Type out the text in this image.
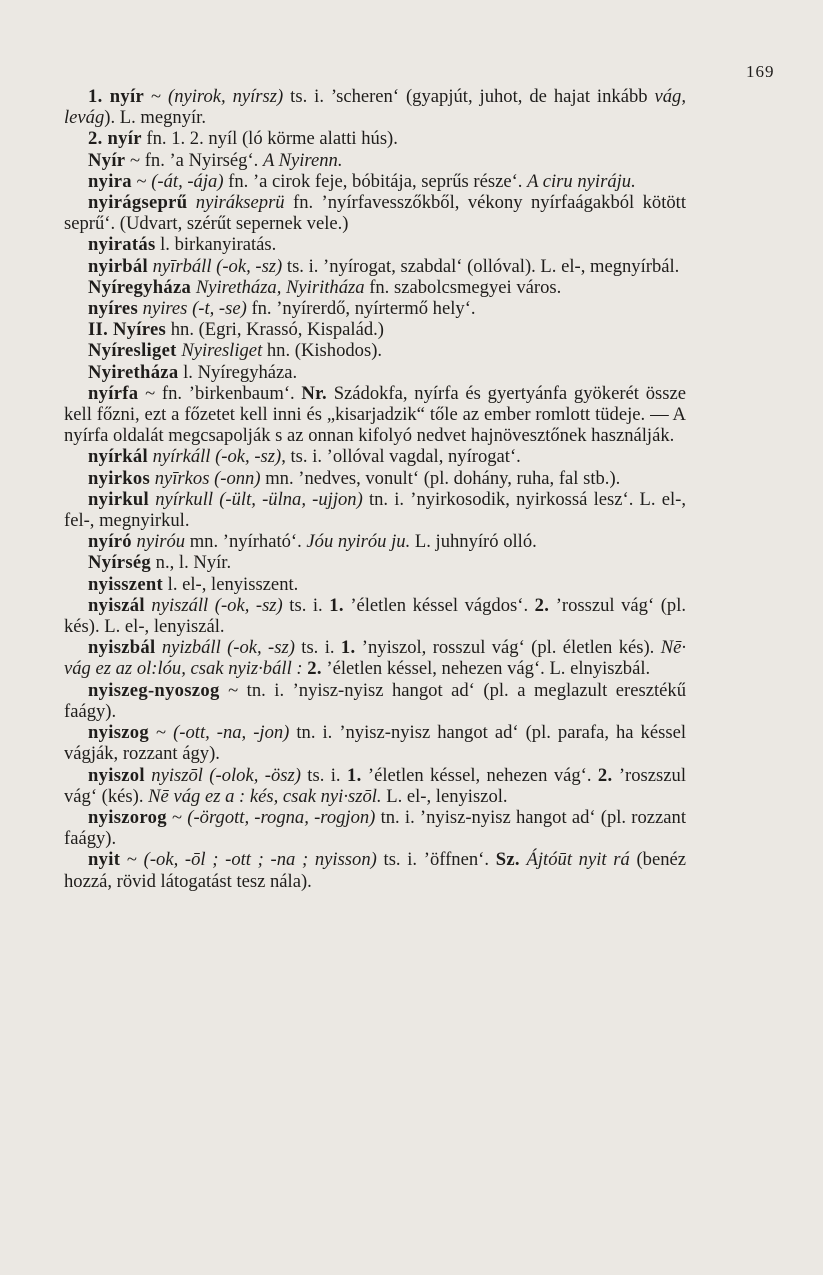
169

1. nyír ~ (nyirok, nyírsz) ts. i. ’scheren‘ (gyapjút, juhot, de hajat inkább vág, levág). L. megnyír.

2. nyír fn. 1. 2. nyíl (ló körme alatti hús).

Nyír ~ fn. ’a Nyirség‘. A Nyirenn.

nyira ~ (-át, -ája) fn. ’a cirok feje, bóbitája, seprűs része‘. A ciru nyiráju.

nyirágseprű nyirákseprü fn. ’nyírfavesszőkből, vékony nyírfaágakból kötött seprű‘. (Udvart, szérűt sepernek vele.)

nyiratás l. birkanyiratás.

nyirbál nyīrbáll (-ok, -sz) ts. i. ’nyírogat, szabdal‘ (ollóval). L. el-, megnyírbál.

Nyíregyháza Nyiretháza, Nyiritháza fn. szabolcsmegyei város.

nyíres nyires (-t, -se) fn. ’nyírerdő, nyírtermő hely‘.

II. Nyíres hn. (Egri, Krassó, Kispalád.)

Nyíresliget Nyiresliget hn. (Kishodos).

Nyiretháza l. Nyíregyháza.

nyírfa ~ fn. ’birkenbaum‘. Nr. Szádokfa, nyírfa és gyertyánfa gyökerét össze kell főzni, ezt a főzetet kell inni és „kisarjadzik“ tőle az ember romlott tüdeje. — A nyírfa oldalát megcsapolják s az onnan kifolyó nedvet hajnövesztőnek használják.

nyírkál nyírkáll (-ok, -sz), ts. i. ’ollóval vagdal, nyírogat‘.

nyirkos nyīrkos (-onn) mn. ’nedves, vonult‘ (pl. dohány, ruha, fal stb.).

nyirkul nyírkull (-ült, -ülna, -ujjon) tn. i. ’nyirkosodik, nyirkossá lesz‘. L. el-, fel-, megnyirkul.

nyíró nyiróu mn. ’nyírható‘. Jóu nyiróu ju. L. juhnyíró olló.

Nyírség n., l. Nyír.

nyisszent l. el-, lenyisszent.

nyiszál nyiszáll (-ok, -sz) ts. i. 1. ’életlen késsel vágdos‘. 2. ’rosszul vág‘ (pl. kés). L. el-, lenyiszál.

nyiszbál nyizbáll (-ok, -sz) ts. i. 1. ’nyiszol, rosszul vág‘ (pl. életlen kés). Nē· vág ez az ol:lóu, csak nyiz·báll : 2. ’életlen késsel, nehezen vág‘. L. elnyiszbál.

nyiszeg-nyoszog ~ tn. i. ’nyisz-nyisz hangot ad‘ (pl. a meglazult eresztékű faágy).

nyiszog ~ (-ott, -na, -jon) tn. i. ’nyisz-nyisz hangot ad‘ (pl. parafa, ha késsel vágják, rozzant ágy).

nyiszol nyiszōl (-olok, -ösz) ts. i. 1. ’életlen késsel, nehezen vág‘. 2. ’roszszul vág‘ (kés). Nē vág ez a : kés, csak nyi·szōl. L. el-, lenyiszol.

nyiszorog ~ (-örgott, -rogna, -rogjon) tn. i. ’nyisz-nyisz hangot ad‘ (pl. rozzant faágy).

nyit ~ (-ok, -ōl ; -ott ; -na ; nyisson) ts. i. ’öffnen‘. Sz. Ájtóūt nyit rá (benéz hozzá, rövid látogatást tesz nála).
